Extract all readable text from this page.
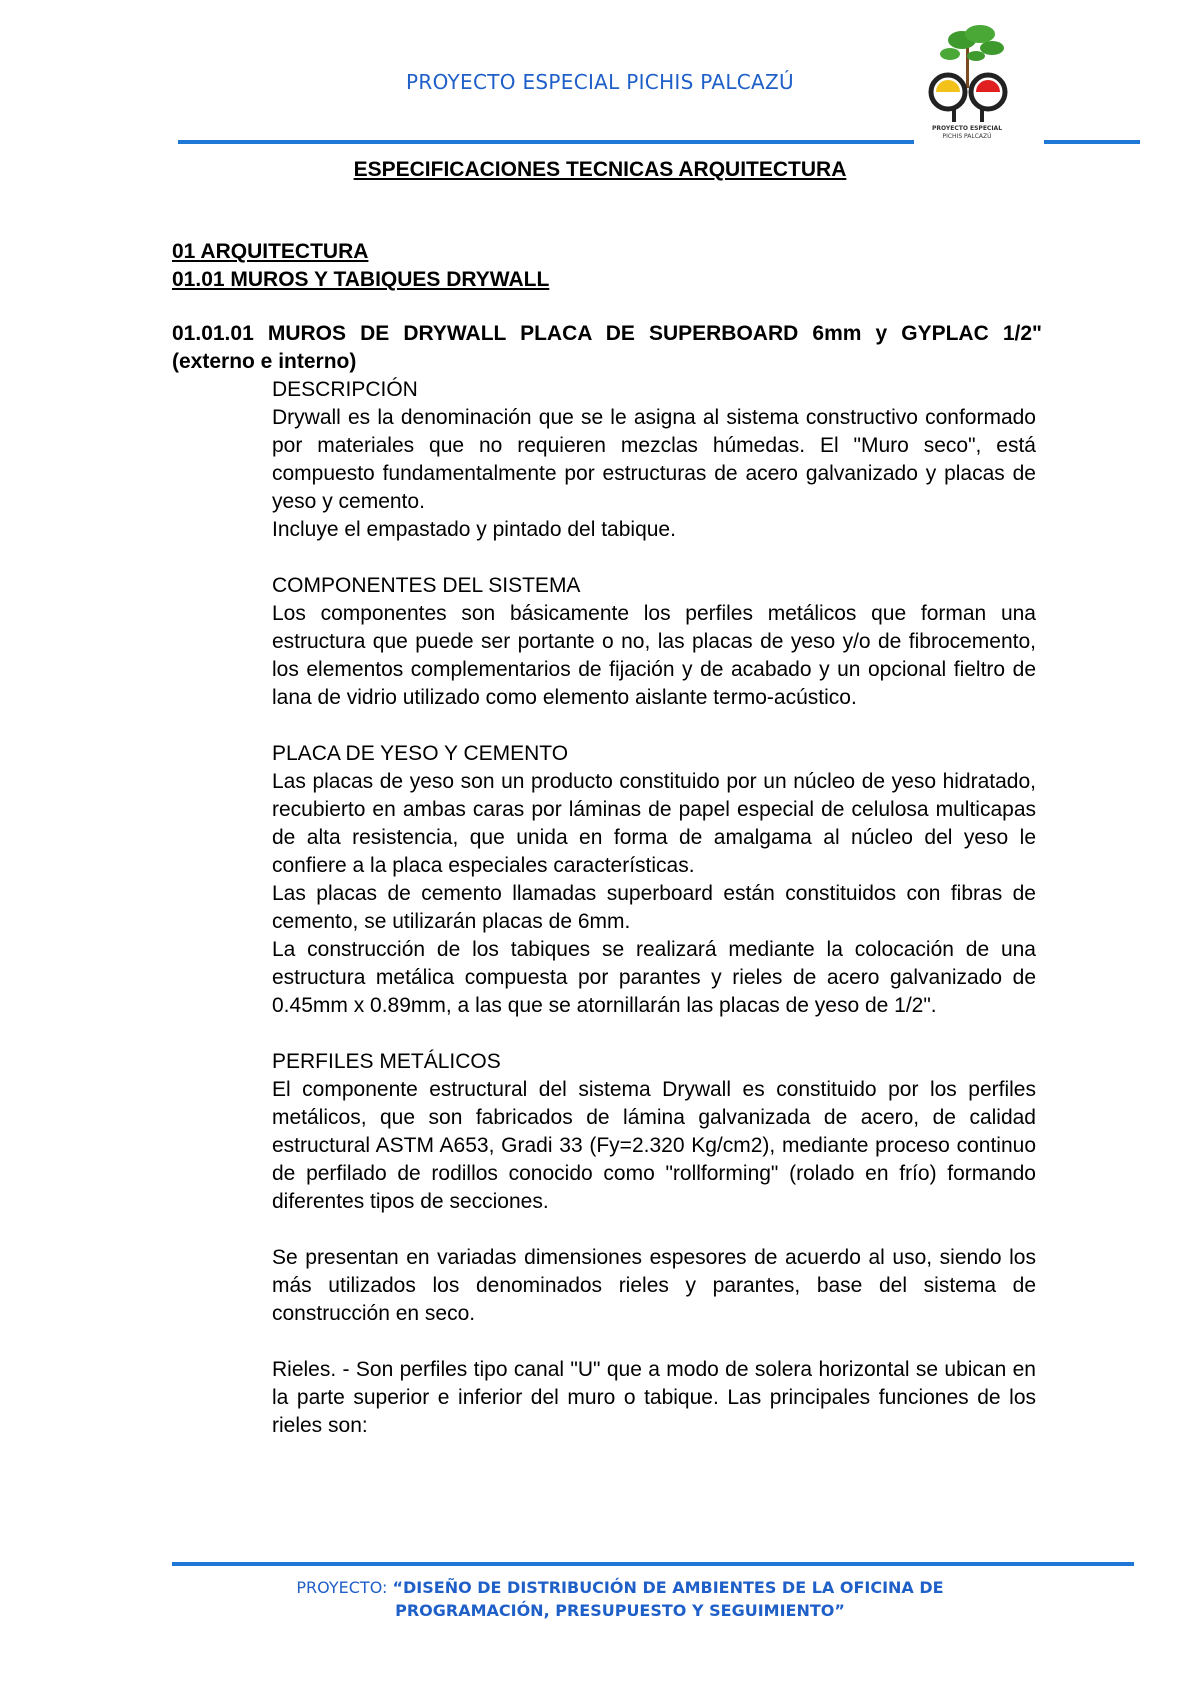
PROYECTO ESPECIAL PICHIS PALCAZÚ
PROYECTO ESPECIAL
PICHIS PALCAZÚ
ESPECIFICACIONES TECNICAS ARQUITECTURA
01 ARQUITECTURA
01.01 MUROS Y TABIQUES DRYWALL
01.01.01 MUROS DE DRYWALL PLACA DE SUPERBOARD 6mm y GYPLAC 1/2" (externo e interno)

DESCRIPCIÓN

Drywall es la denominación que se le asigna al sistema constructivo conformado por materiales que no requieren mezclas húmedas. El "Muro seco", está compuesto fundamentalmente por estructuras de acero galvanizado y placas de yeso y cemento.

Incluye el empastado y pintado del tabique.

COMPONENTES DEL SISTEMA

Los componentes son básicamente los perfiles metálicos que forman una estructura que puede ser portante o no, las placas de yeso y/o de fibrocemento, los elementos complementarios de fijación y de acabado y un opcional fieltro de lana de vidrio utilizado como elemento aislante termo-acústico.

PLACA DE YESO Y CEMENTO

Las placas de yeso son un producto constituido por un núcleo de yeso hidratado, recubierto en ambas caras por láminas de papel especial de celulosa multicapas de alta resistencia, que unida en forma de amalgama al núcleo del yeso le confiere a la placa especiales características.

Las placas de cemento llamadas superboard están constituidos con fibras de cemento, se utilizarán placas de 6mm.

La construcción de los tabiques se realizará mediante la colocación de una estructura metálica compuesta por parantes y rieles de acero galvanizado de 0.45mm x 0.89mm, a las que se atornillarán las placas de yeso de 1/2".

PERFILES METÁLICOS

El componente estructural del sistema Drywall es constituido por los perfiles metálicos, que son fabricados de lámina galvanizada de acero, de calidad estructural ASTM A653, Gradi 33 (Fy=2.320 Kg/cm2), mediante proceso continuo de perfilado de rodillos conocido como "rollforming" (rolado en frío) formando diferentes tipos de secciones.

Se presentan en variadas dimensiones espesores de acuerdo al uso, siendo los más utilizados los denominados rieles y parantes, base del sistema de construcción en seco.

Rieles. - Son perfiles tipo canal "U" que a modo de solera horizontal se ubican en la parte superior e inferior del muro o tabique. Las principales funciones de los rieles son:

PROYECTO: “DISEÑO DE DISTRIBUCIÓN DE AMBIENTES DE LA OFICINA DE
PROGRAMACIÓN, PRESUPUESTO Y SEGUIMIENTO”
